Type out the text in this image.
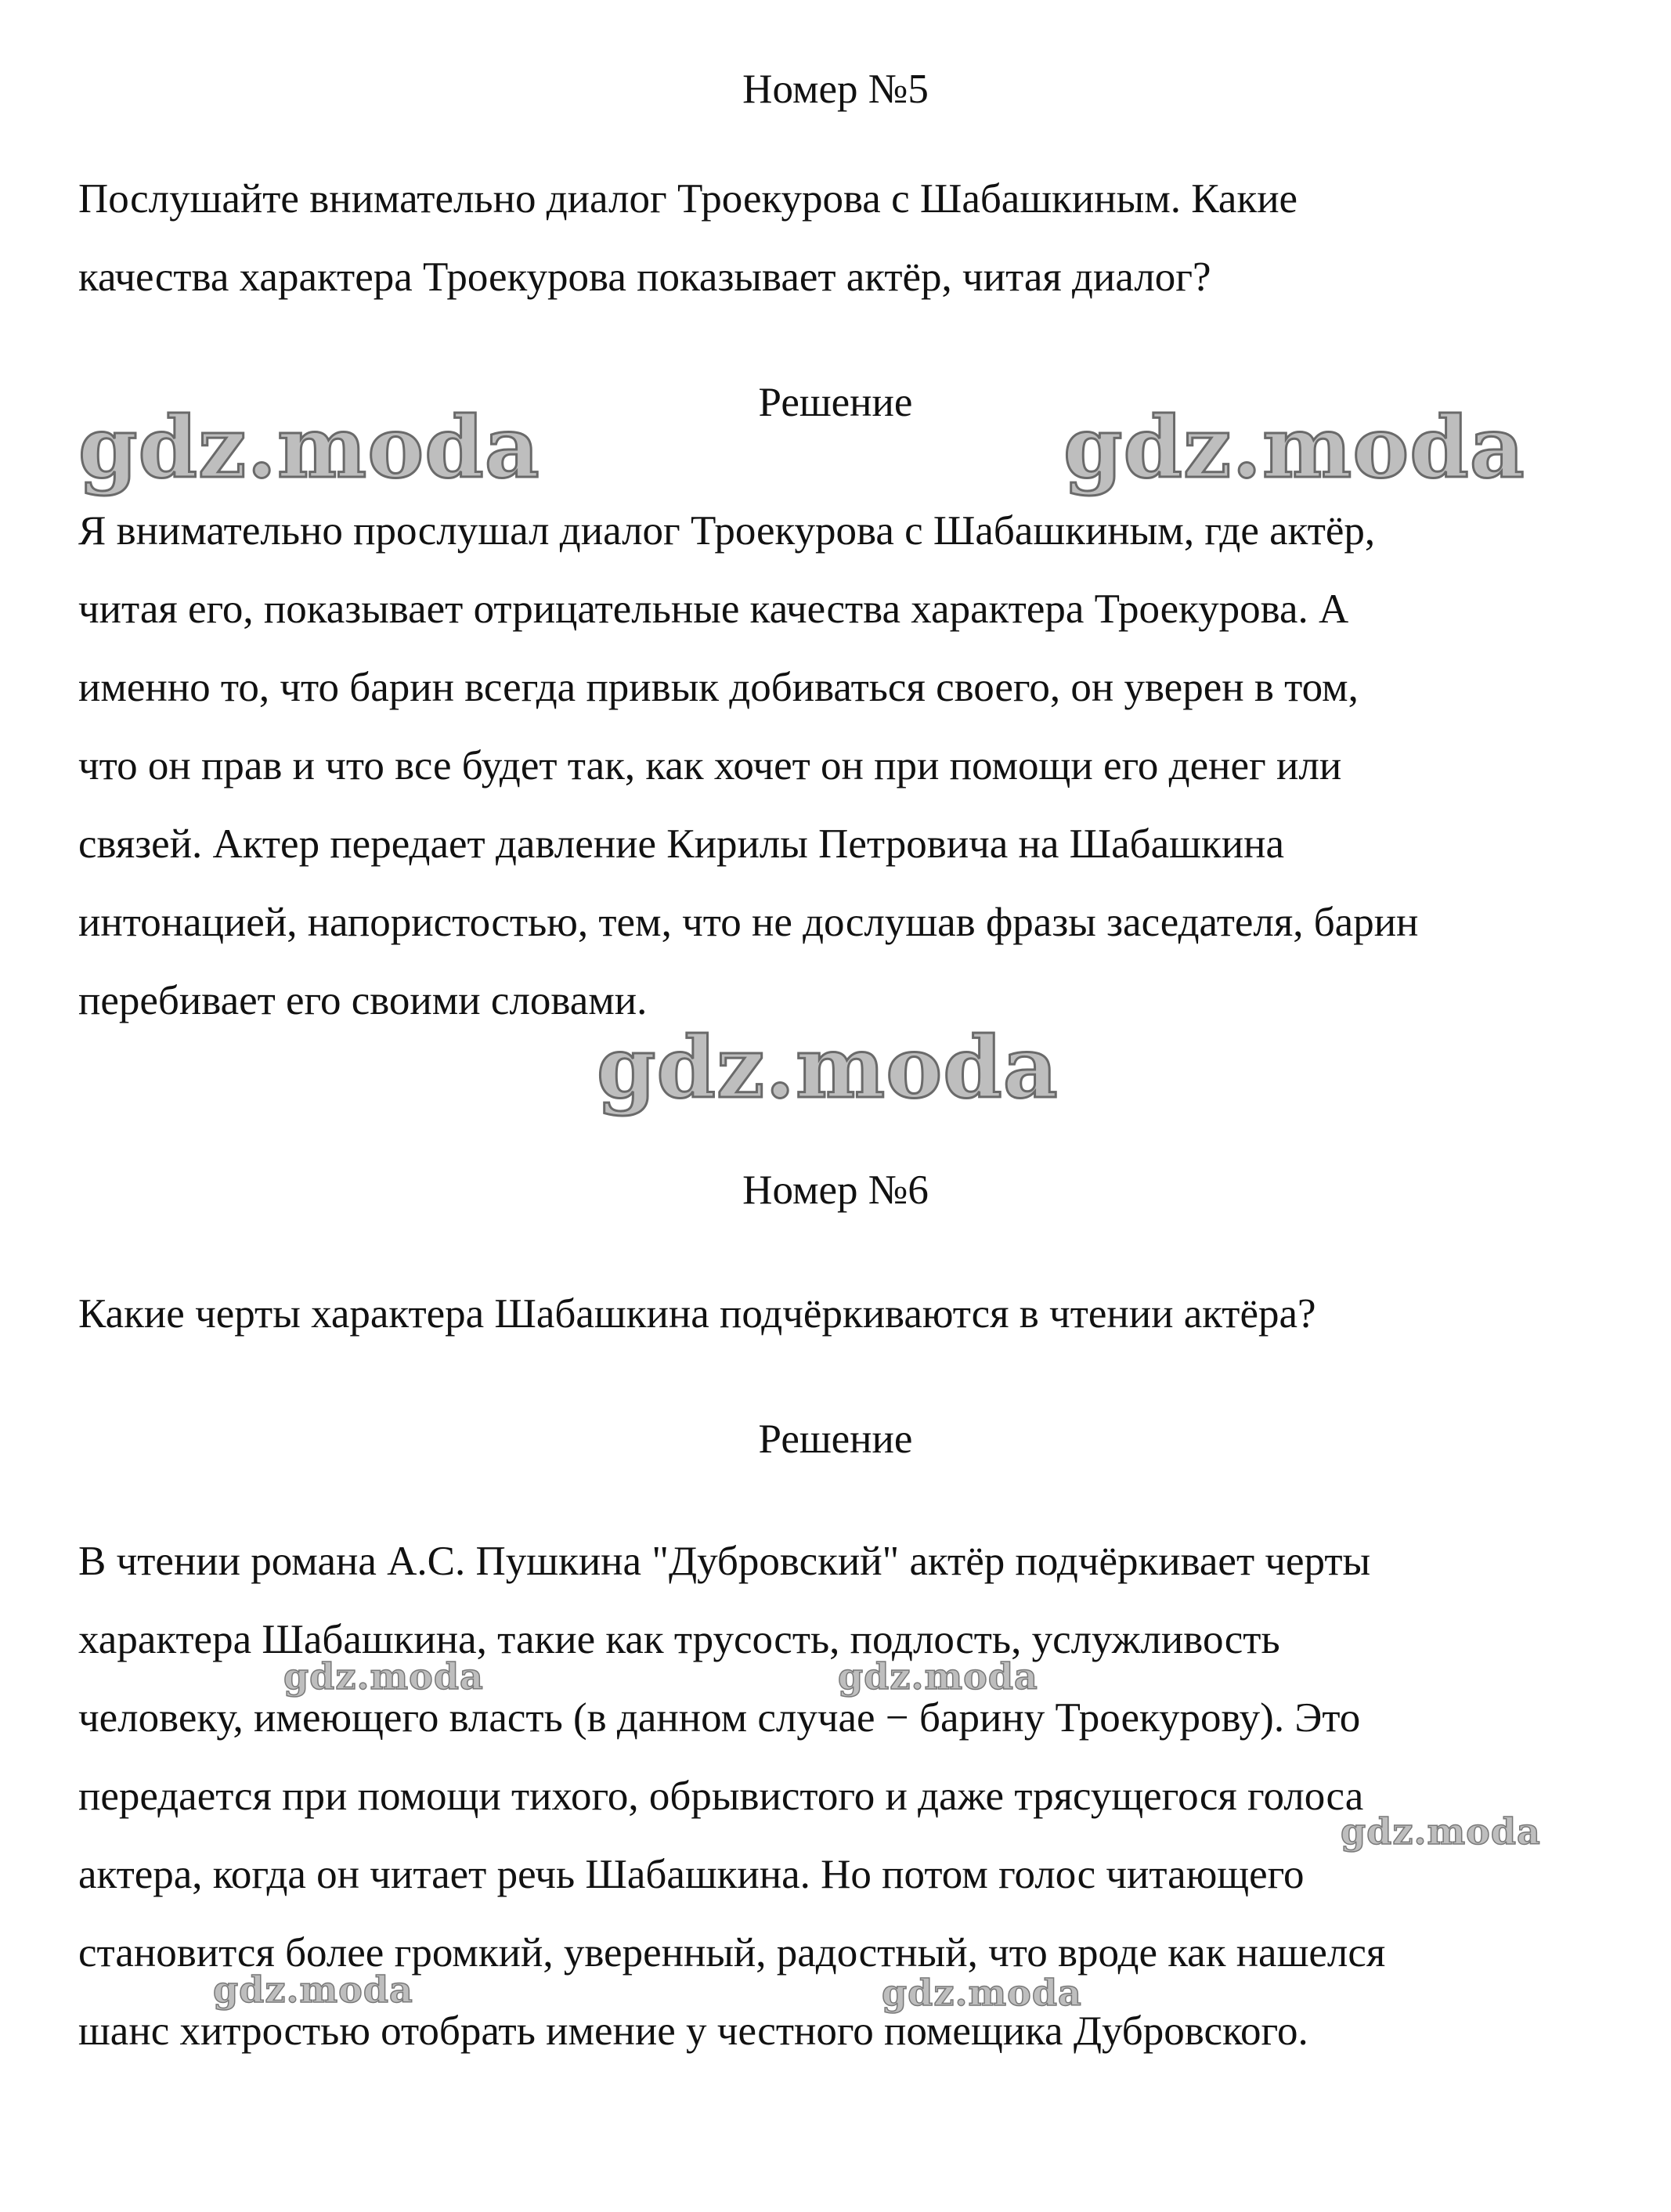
Номер №5
Послушайте внимательно диалог Троекурова с Шабашкиным. Какие
качества характера Троекурова показывает актёр, читая диалог?
Решение
gdz.moda	gdz.moda
Я внимательно прослушал диалог Троекурова с Шабашкиным, где актёр,
читая его, показывает отрицательные качества характера Троекурова. А
именно то, что барин всегда привык добиваться своего, он уверен в том,
что он прав и что все будет так, как хочет он при помощи его денег или
связей. Актер передает давление Кирилы Петровича на Шабашкина
интонацией, напористостью, тем, что не дослушав фразы заседателя, барин
перебивает его своими словами.
gdz.moda
Номер №6
Какие черты характера Шабашкина подчёркиваются в чтении актёра?
Решение
В чтении романа А.С. Пушкина "Дубровский" актёр подчёркивает черты
характера Шабашкина, такие как трусость, подлость, услужливость
gdz.moda	gdz.moda
человеку, имеющего власть (в данном случае − барину Троекурову). Это
передается при помощи тихого, обрывистого и даже трясущегося голоса
gdz.moda
актера, когда он читает речь Шабашкина. Но потом голос читающего
становится более громкий, уверенный, радостный, что вроде как нашелся
gdz.moda	gdz.moda
шанс хитростью отобрать имение у честного помещика Дубровского.
